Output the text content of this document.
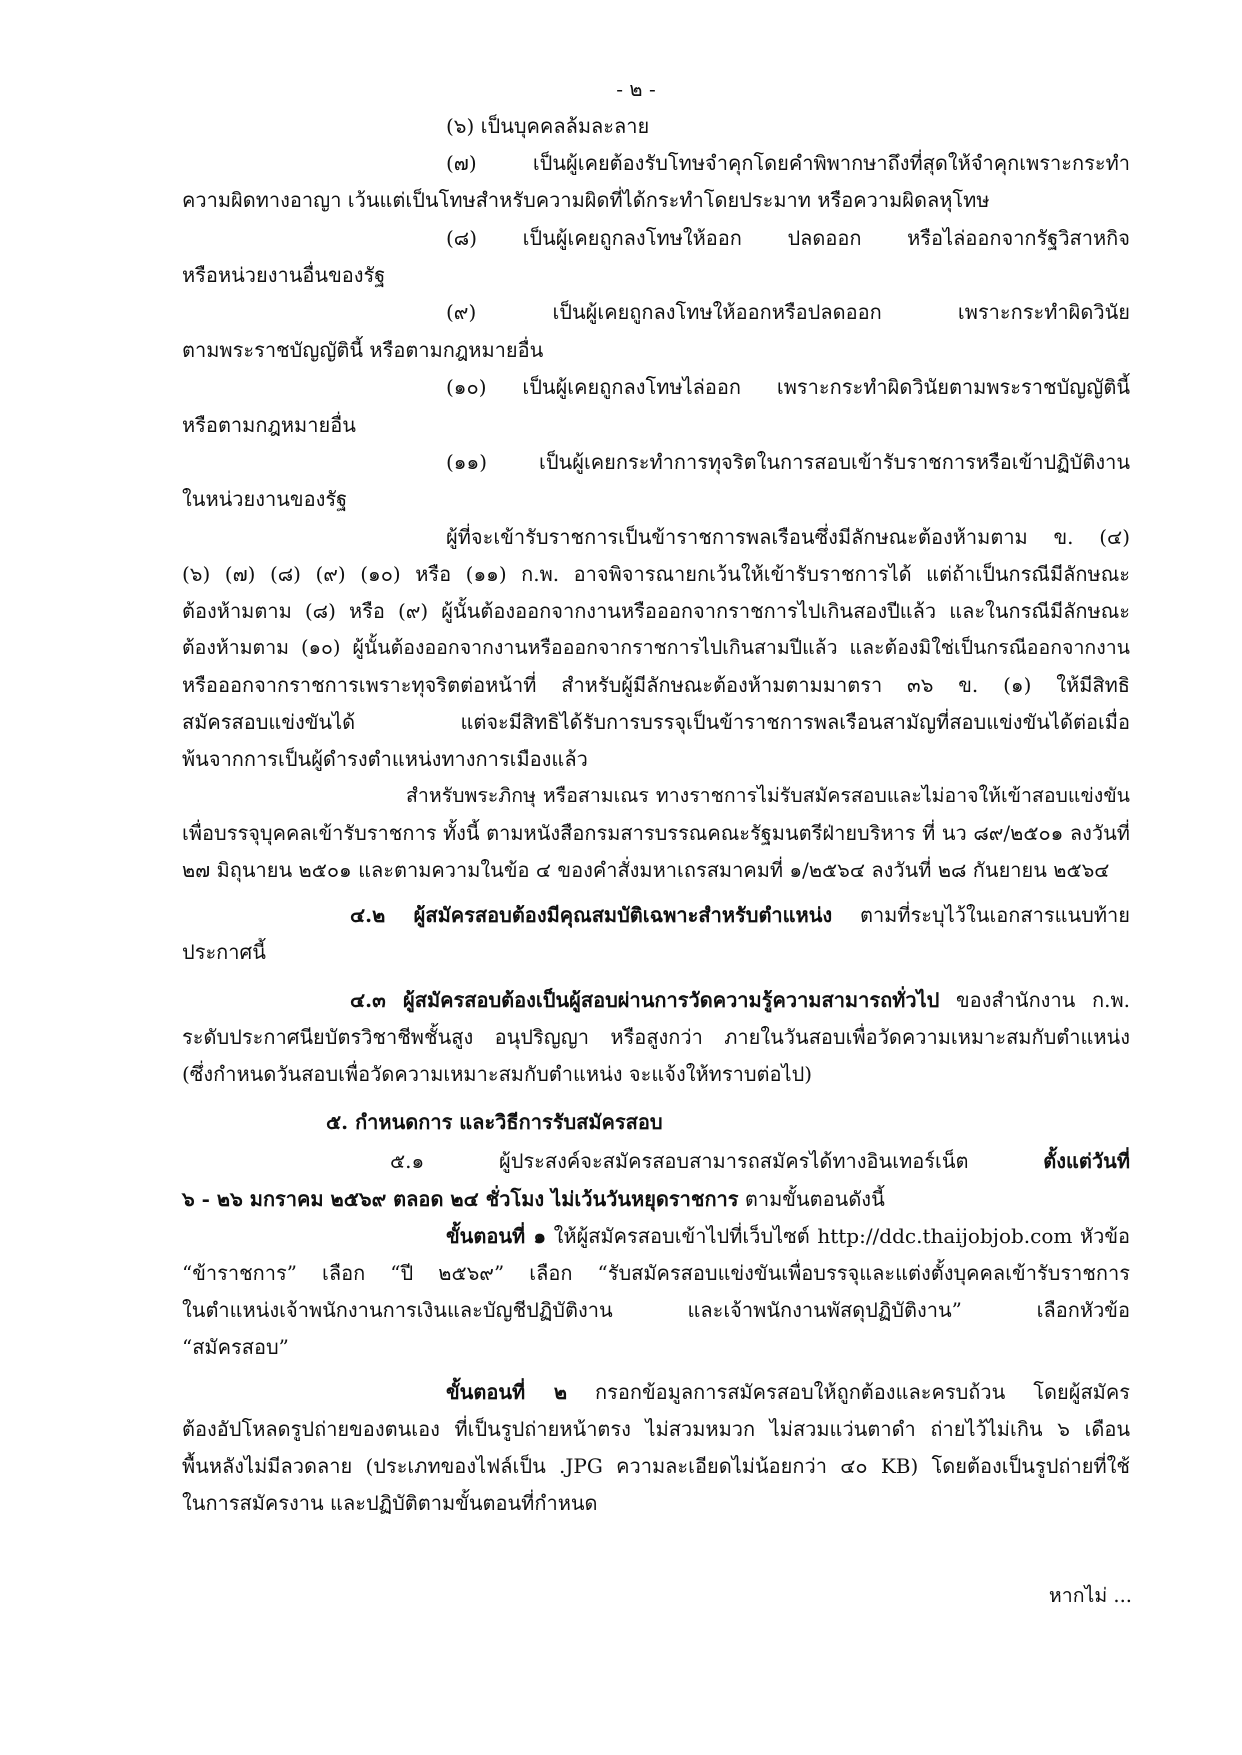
- ๒ -
(๖) เป็นบุคคลล้มละลาย
(๗) เป็นผู้เคยต้องรับโทษจำคุกโดยคำพิพากษาถึงที่สุดให้จำคุกเพราะกระทำ
ความผิดทางอาญา เว้นแต่เป็นโทษสำหรับความผิดที่ได้กระทำโดยประมาท หรือความผิดลหุโทษ
(๘) เป็นผู้เคยถูกลงโทษให้ออก ปลดออก หรือไล่ออกจากรัฐวิสาหกิจ
หรือหน่วยงานอื่นของรัฐ
(๙) เป็นผู้เคยถูกลงโทษให้ออกหรือปลดออก เพราะกระทำผิดวินัย
ตามพระราชบัญญัตินี้ หรือตามกฎหมายอื่น
(๑๐) เป็นผู้เคยถูกลงโทษไล่ออก เพราะกระทำผิดวินัยตามพระราชบัญญัตินี้
หรือตามกฎหมายอื่น
(๑๑) เป็นผู้เคยกระทำการทุจริตในการสอบเข้ารับราชการหรือเข้าปฏิบัติงาน
ในหน่วยงานของรัฐ
ผู้ที่จะเข้ารับราชการเป็นข้าราชการพลเรือนซึ่งมีลักษณะต้องห้ามตาม ข. (๔)
(๖) (๗) (๘) (๙) (๑๐) หรือ (๑๑) ก.พ. อาจพิจารณายกเว้นให้เข้ารับราชการได้ แต่ถ้าเป็นกรณีมีลักษณะ
ต้องห้ามตาม (๘) หรือ (๙) ผู้นั้นต้องออกจากงานหรือออกจากราชการไปเกินสองปีแล้ว และในกรณีมีลักษณะ
ต้องห้ามตาม (๑๐) ผู้นั้นต้องออกจากงานหรือออกจากราชการไปเกินสามปีแล้ว และต้องมิใช่เป็นกรณีออกจากงาน
หรือออกจากราชการเพราะทุจริตต่อหน้าที่ สำหรับผู้มีลักษณะต้องห้ามตามมาตรา ๓๖ ข. (๑) ให้มีสิทธิ
สมัครสอบแข่งขันได้ แต่จะมีสิทธิได้รับการบรรจุเป็นข้าราชการพลเรือนสามัญที่สอบแข่งขันได้ต่อเมื่อ
พ้นจากการเป็นผู้ดำรงตำแหน่งทางการเมืองแล้ว
สำหรับพระภิกษุ หรือสามเณร ทางราชการไม่รับสมัครสอบและไม่อาจให้เข้าสอบแข่งขัน
เพื่อบรรจุบุคคลเข้ารับราชการ ทั้งนี้ ตามหนังสือกรมสารบรรณคณะรัฐมนตรีฝ่ายบริหาร ที่ นว ๘๙/๒๕๐๑ ลงวันที่
๒๗ มิถุนายน ๒๕๐๑ และตามความในข้อ ๔ ของคำสั่งมหาเถรสมาคมที่ ๑/๒๕๖๔ ลงวันที่ ๒๘ กันยายน ๒๕๖๔
๔.๒ ผู้สมัครสอบต้องมีคุณสมบัติเฉพาะสำหรับตำแหน่ง ตามที่ระบุไว้ในเอกสารแนบท้าย
ประกาศนี้
๔.๓ ผู้สมัครสอบต้องเป็นผู้สอบผ่านการวัดความรู้ความสามารถทั่วไป ของสำนักงาน ก.พ.
ระดับประกาศนียบัตรวิชาชีพชั้นสูง อนุปริญญา หรือสูงกว่า ภายในวันสอบเพื่อวัดความเหมาะสมกับตำแหน่ง
(ซึ่งกำหนดวันสอบเพื่อวัดความเหมาะสมกับตำแหน่ง จะแจ้งให้ทราบต่อไป)
๕. กำหนดการ และวิธีการรับสมัครสอบ
๕.๑ ผู้ประสงค์จะสมัครสอบสามารถสมัครได้ทางอินเทอร์เน็ต ตั้งแต่วันที่
๖ - ๒๖ มกราคม ๒๕๖๙ ตลอด ๒๔ ชั่วโมง ไม่เว้นวันหยุดราชการ ตามขั้นตอนดังนี้
ขั้นตอนที่ ๑ ให้ผู้สมัครสอบเข้าไปที่เว็บไซต์ http://ddc.thaijobjob.com หัวข้อ
“ข้าราชการ” เลือก “ปี ๒๕๖๙” เลือก “รับสมัครสอบแข่งขันเพื่อบรรจุและแต่งตั้งบุคคลเข้ารับราชการ
ในตำแหน่งเจ้าพนักงานการเงินและบัญชีปฏิบัติงาน และเจ้าพนักงานพัสดุปฏิบัติงาน” เลือกหัวข้อ
“สมัครสอบ”
ขั้นตอนที่ ๒ กรอกข้อมูลการสมัครสอบให้ถูกต้องและครบถ้วน โดยผู้สมัคร
ต้องอัปโหลดรูปถ่ายของตนเอง ที่เป็นรูปถ่ายหน้าตรง ไม่สวมหมวก ไม่สวมแว่นตาดำ ถ่ายไว้ไม่เกิน ๖ เดือน
พื้นหลังไม่มีลวดลาย (ประเภทของไฟล์เป็น .JPG ความละเอียดไม่น้อยกว่า ๔๐ KB) โดยต้องเป็นรูปถ่ายที่ใช้
ในการสมัครงาน และปฏิบัติตามขั้นตอนที่กำหนด
หากไม่ ...
